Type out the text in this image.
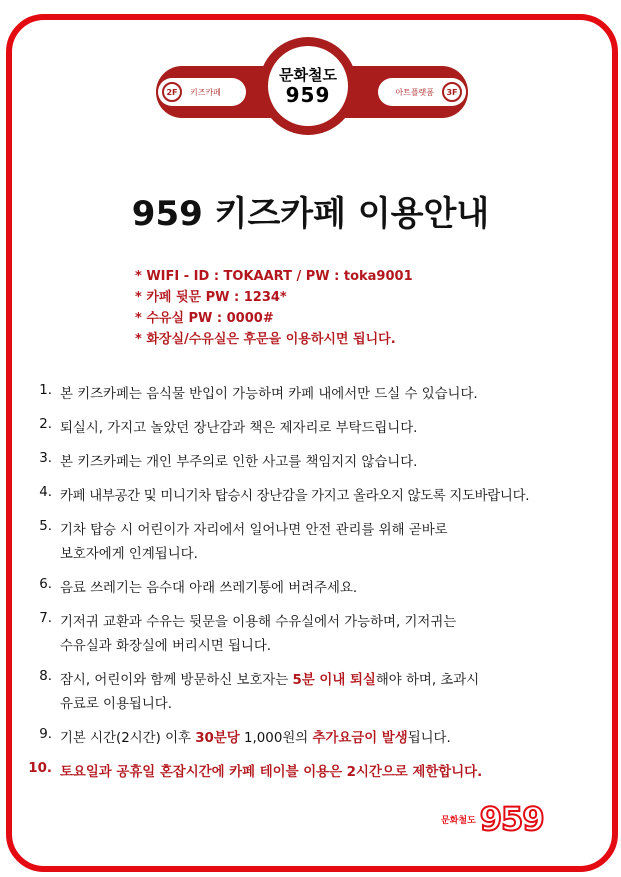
2F	키즈카페	아트플랫폼	3F
문화철도
959
959 키즈카페 이용안내
* WIFI - ID : TOKAART / PW : toka9001
* 카페 뒷문 PW : 1234*
* 수유실 PW : 0000#
* 화장실/수유실은 후문을 이용하시면 됩니다.
1. 본 키즈카페는 음식물 반입이 가능하며 카페 내에서만 드실 수 있습니다.
2. 퇴실시, 가지고 놀았던 장난감과 책은 제자리로 부탁드립니다.
3. 본 키즈카페는 개인 부주의로 인한 사고를 책임지지 않습니다.
4. 카페 내부공간 및 미니기차 탑승시 장난감을 가지고 올라오지 않도록 지도바랍니다.
5. 기차 탑승 시 어린이가 자리에서 일어나면 안전 관리를 위해 곧바로
보호자에게 인계됩니다.
6. 음료 쓰레기는 음수대 아래 쓰레기통에 버려주세요.
7. 기저귀 교환과 수유는 뒷문을 이용해 수유실에서 가능하며, 기저귀는
수유실과 화장실에 버리시면 됩니다.
8. 잠시, 어린이와 함께 방문하신 보호자는 5분 이내 퇴실해야 하며, 초과시
유료로 이용됩니다.
9. 기본 시간(2시간) 이후 30분당 1,000원의 추가요금이 발생됩니다.
10. 토요일과 공휴일 혼잡시간에 카페 테이블 이용은 2시간으로 제한합니다.
문화철도 959
